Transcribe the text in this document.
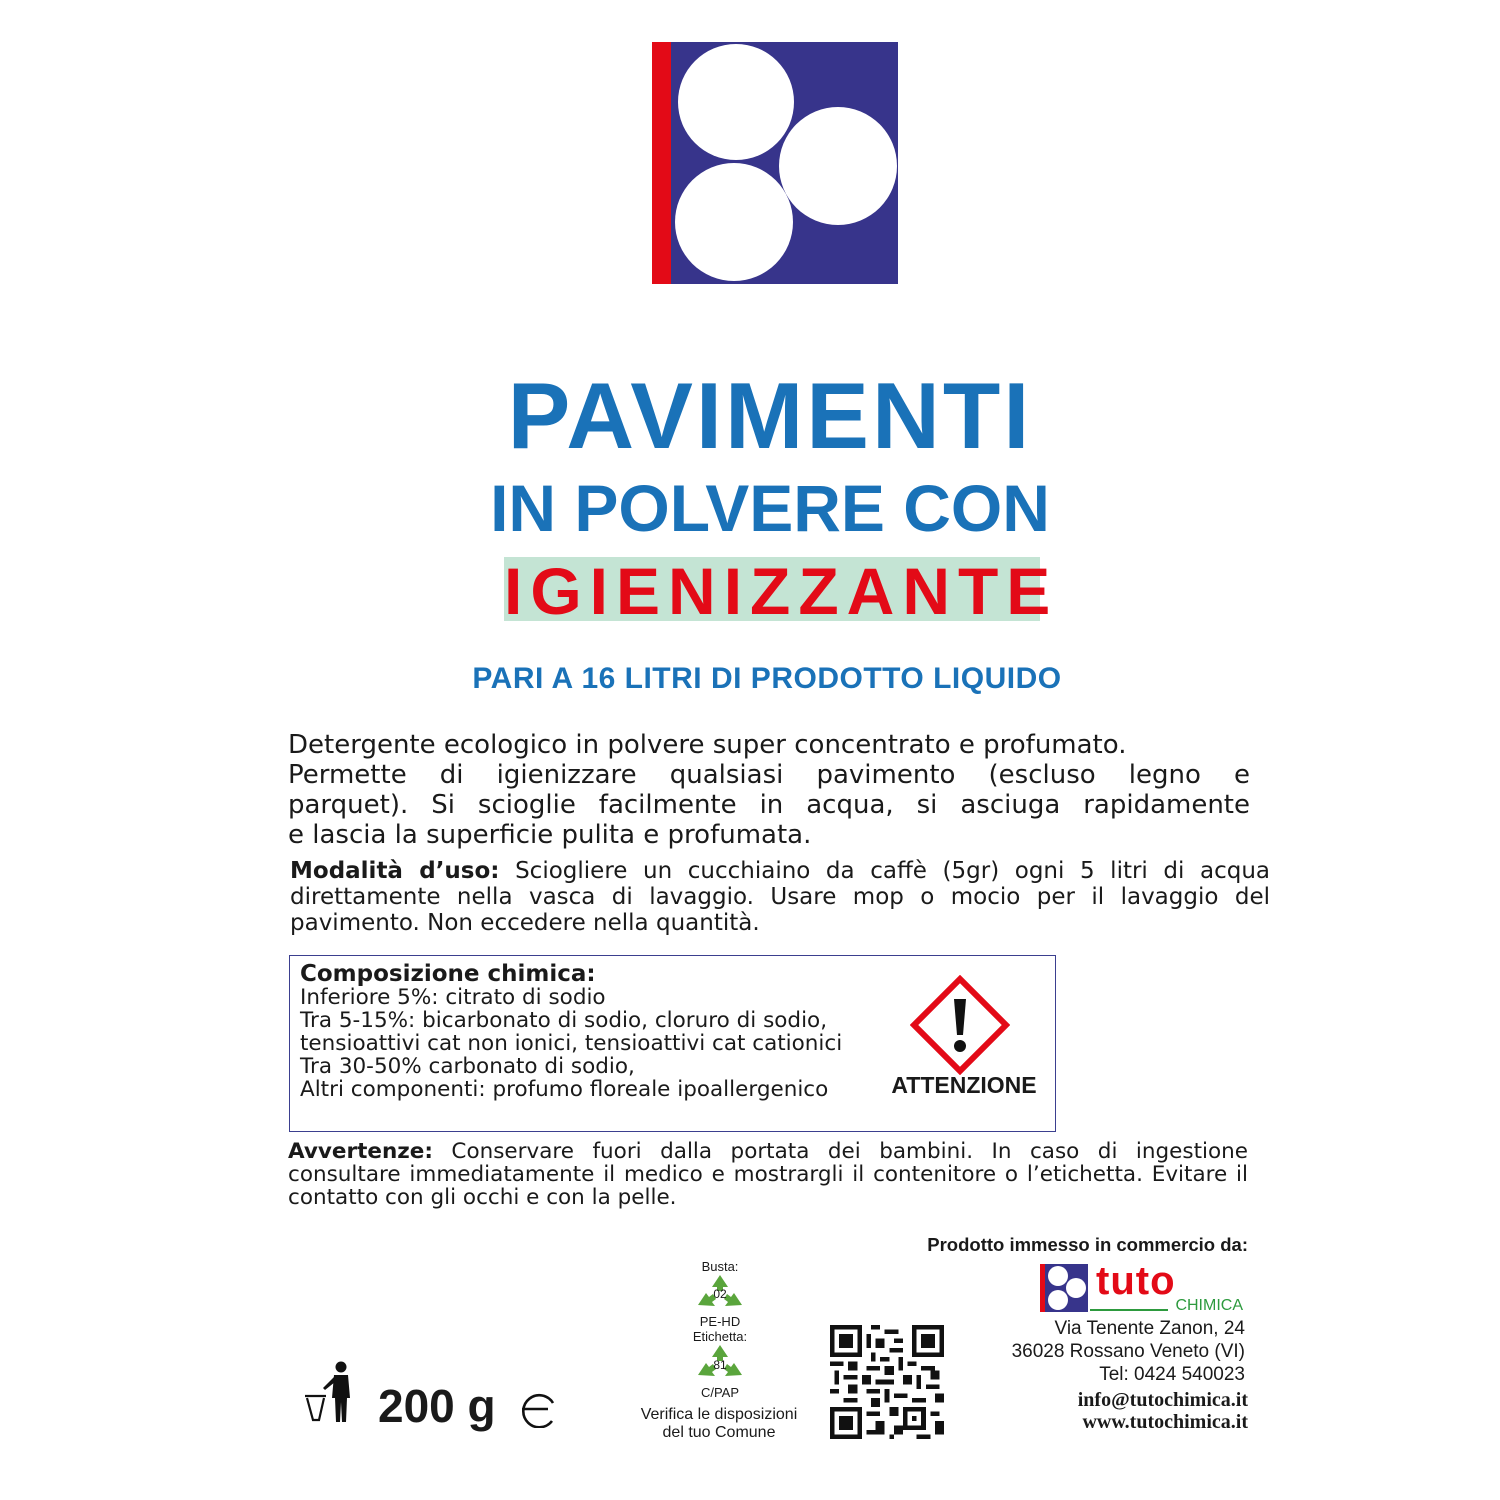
PAVIMENTI
IN POLVERE CON
IGIENIZZANTE
PARI A 16 LITRI DI PRODOTTO LIQUIDO
Detergente ecologico in polvere super concentrato e profumato.
Permette di igienizzare qualsiasi pavimento (escluso legno e
parquet). Si scioglie facilmente in acqua, si asciuga rapidamente
e lascia la superficie pulita e profumata.
Modalità d’uso: Sciogliere un cucchiaino da caffè (5gr) ogni 5 litri di acqua direttamente nella vasca di lavaggio. Usare mop o mocio per il lavaggio del pavimento. Non eccedere nella quantità.
Composizione chimica:
Inferiore 5%: citrato di sodio
Tra 5-15%: bicarbonato di sodio, cloruro di sodio,
tensioattivi cat non ionici, tensioattivi cat cationici
Tra 30-50% carbonato di sodio,
Altri componenti: profumo floreale ipoallergenico	ATTENZIONE
Avvertenze: Conservare fuori dalla portata dei bambini. In caso di ingestione consultare immediatamente il medico e mostrargli il contenitore o l’etichetta. Evitare il contatto con gli occhi e con la pelle.
Prodotto immesso in commercio da:
tuto
CHIMICA
Via Tenente Zanon, 24
36028 Rossano Veneto (VI)
Tel: 0424 540023
info@tutochimica.it
www.tutochimica.it
Busta:
02
PE-HD
Etichetta:
81
C/PAP
Verifica le disposizioni
del tuo Comune
200 g
